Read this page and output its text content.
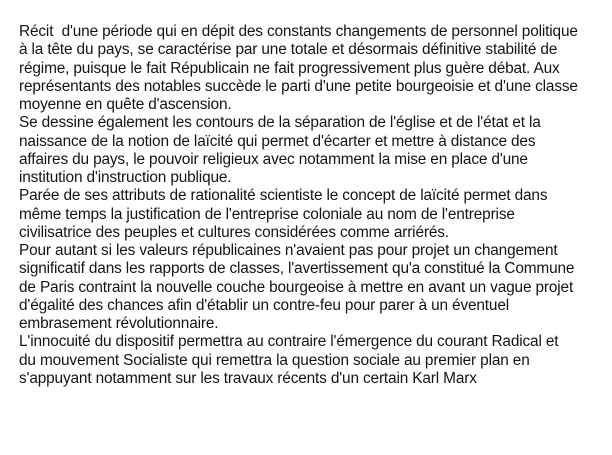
Récit  d'une période qui en dépit des constants changements de personnel politique
à la tête du pays, se caractérise par une totale et désormais définitive stabilité de
régime, puisque le fait Républicain ne fait progressivement plus guère débat. Aux
représentants des notables succède le parti d'une petite bourgeoisie et d'une classe
moyenne en quête d'ascension.
Se dessine également les contours de la séparation de l'église et de l'état et la
naissance de la notion de laïcité qui permet d'écarter et mettre à distance des
affaires du pays, le pouvoir religieux avec notamment la mise en place d'une
institution d'instruction publique.
Parée de ses attributs de rationalité scientiste le concept de laïcité permet dans
même temps la justification de l'entreprise coloniale au nom de l'entreprise
civilisatrice des peuples et cultures considérées comme arriérés.
Pour autant si les valeurs républicaines n'avaient pas pour projet un changement
significatif dans les rapports de classes, l'avertissement qu'a constitué la Commune
de Paris contraint la nouvelle couche bourgeoise à mettre en avant un vague projet
d'égalité des chances afin d'établir un contre-feu pour parer à un éventuel
embrasement révolutionnaire.
L'innocuité du dispositif permettra au contraire l'émergence du courant Radical et
du mouvement Socialiste qui remettra la question sociale au premier plan en
s'appuyant notamment sur les travaux récents d'un certain Karl Marx
